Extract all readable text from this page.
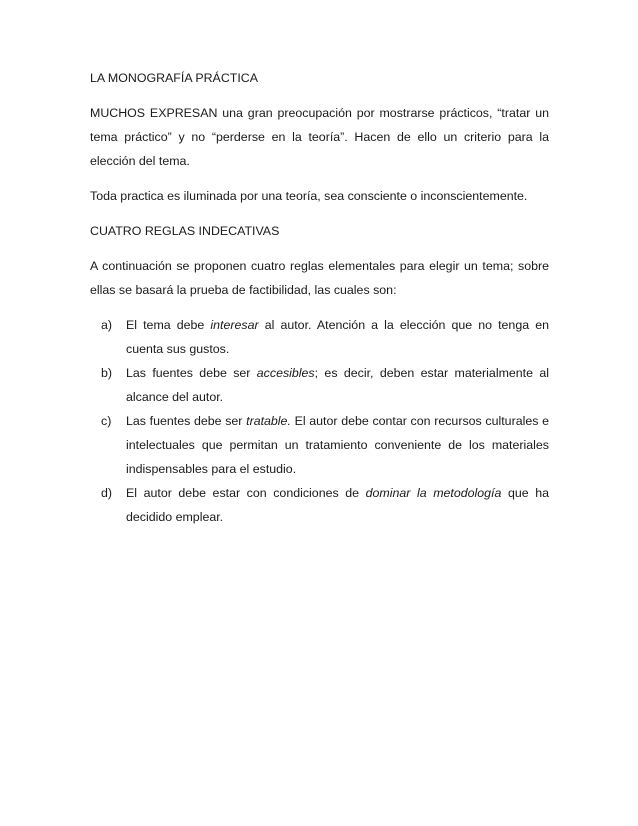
LA MONOGRAFÍA PRÁCTICA

MUCHOS EXPRESAN una gran preocupación por mostrarse prácticos, “tratar un tema práctico” y no “perderse en la teoría”. Hacen de ello un criterio para la elección del tema.

Toda practica es iluminada por una teoría, sea consciente o inconscientemente.

CUATRO REGLAS INDECATIVAS

A continuación se proponen cuatro reglas elementales para elegir un tema; sobre ellas se basará la prueba de factibilidad, las cuales son:

a) El tema debe interesar al autor. Atención a la elección que no tenga en cuenta sus gustos.
b) Las fuentes debe ser accesibles; es decir, deben estar materialmente al alcance del autor.
c) Las fuentes debe ser tratable. El autor debe contar con recursos culturales e intelectuales que permitan un tratamiento conveniente de los materiales indispensables para el estudio.
d) El autor debe estar con condiciones de dominar la metodología que ha decidido emplear.
